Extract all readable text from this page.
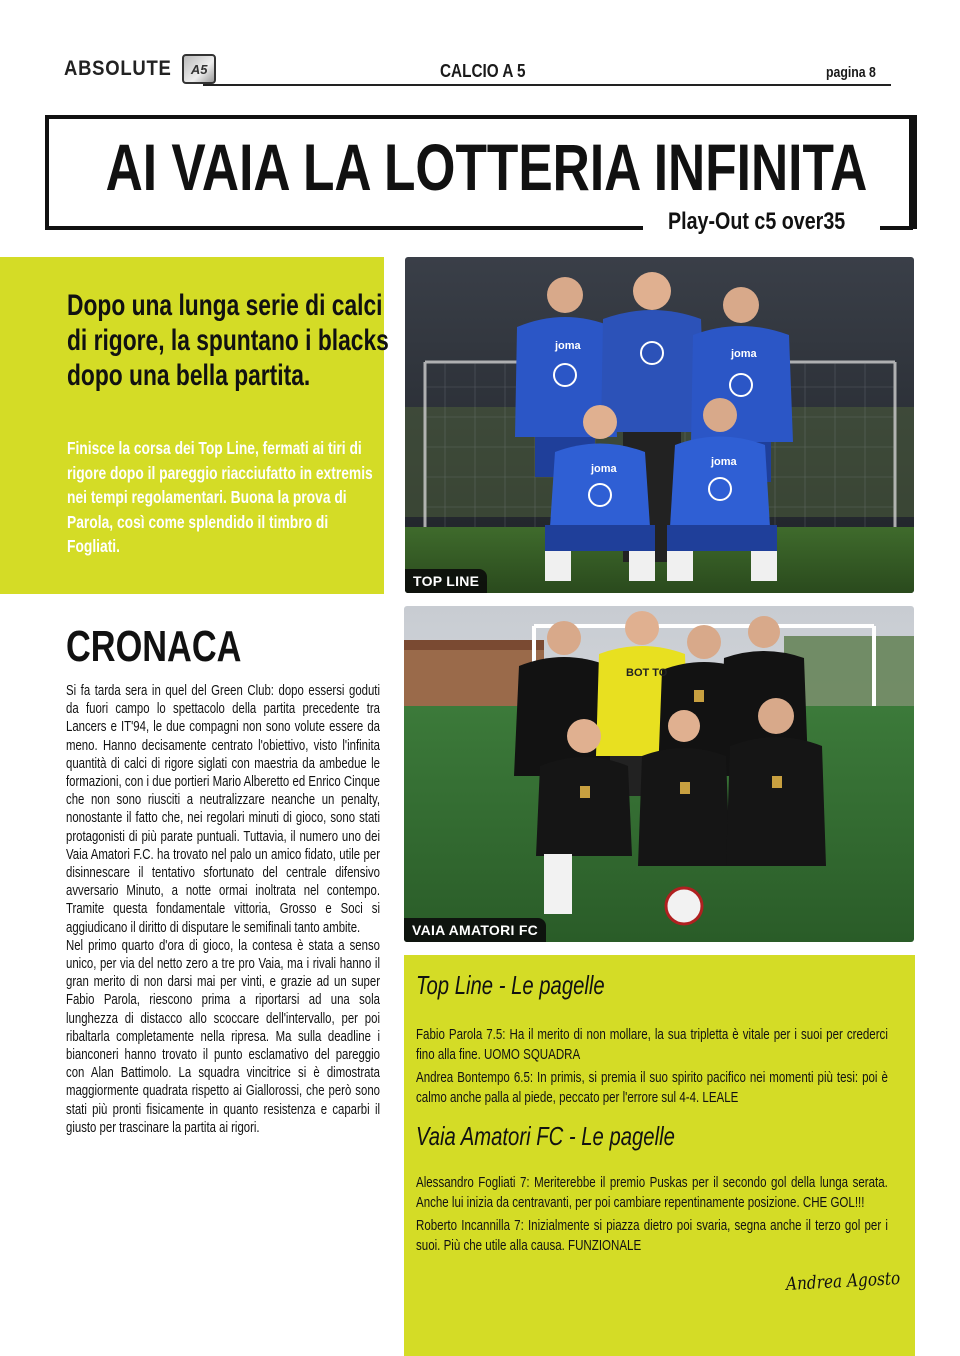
ABSOLUTE	A5	CALCIO A 5	pagina 8
AI VAIA LA LOTTERIA INFINITA
Play-Out c5 over35
Dopo una lunga serie di calci di rigore, la spuntano i blacks dopo una bella partita.
Finisce la corsa dei Top Line, fermati ai tiri di rigore dopo il pareggio riacciufatto in extremis nei tempi regolamentari. Buona la prova di Parola, così come splendido il timbro di Fogliati.
joma
joma
joma
joma
TOP LINE
BOT TO
VAIA AMATORI FC
CRONACA

Si fa tarda sera in quel del Green Club: dopo essersi goduti da fuori campo lo spettacolo della partita precedente tra Lancers e IT'94, le due compagni non sono volute essere da meno. Hanno decisamente centrato l'obiettivo, visto l'infinita quantità di calci di rigore siglati con maestria da ambedue le formazioni, con i due portieri Mario Alberetto ed Enrico Cinque che non sono riusciti a neutralizzare neanche un penalty, nonostante il fatto che, nei regolari minuti di gioco, sono stati protagonisti di più parate puntuali. Tuttavia, il numero uno dei Vaia Amatori F.C. ha trovato nel palo un amico fidato, utile per disinnescare il tentativo sfortunato del centrale difensivo avversario Minuto, a notte ormai inoltrata nel contempo. Tramite questa fondamentale vittoria, Grosso e Soci si aggiudicano il diritto di disputare le semifinali tanto ambite.

Nel primo quarto d'ora di gioco, la contesa è stata a senso unico, per via del netto zero a tre pro Vaia, ma i rivali hanno il gran merito di non darsi mai per vinti, e grazie ad un super Fabio Parola, riescono prima a riportarsi ad una sola lunghezza di distacco allo scoccare dell'intervallo, per poi ribaltarla completamente nella ripresa. Ma sulla deadline i bianconeri hanno trovato il punto esclamativo del pareggio con Alan Battimolo. La squadra vincitrice si è dimostrata maggiormente quadrata rispetto ai Giallorossi, che però sono stati più pronti fisicamente in quanto resistenza e caparbi il giusto per trascinare la partita ai rigori.

Top Line - Le pagelle

Fabio Parola 7.5: Ha il merito di non mollare, la sua tripletta è vitale per i suoi per crederci fino alla fine. UOMO SQUADRA

Andrea Bontempo 6.5: In primis, si premia il suo spirito pacifico nei momenti più tesi: poi è calmo anche palla al piede, peccato per l'errore sul 4-4. LEALE

Vaia Amatori FC - Le pagelle

Alessandro Fogliati 7: Meriterebbe il premio Puskas per il secondo gol della lunga serata. Anche lui inizia da centravanti, per poi cambiare repentinamente posizione. CHE GOL!!!

Roberto Incannilla 7: Inizialmente si piazza dietro poi svaria, segna anche il terzo gol per i suoi. Più che utile alla causa. FUNZIONALE

Andrea Agosto
